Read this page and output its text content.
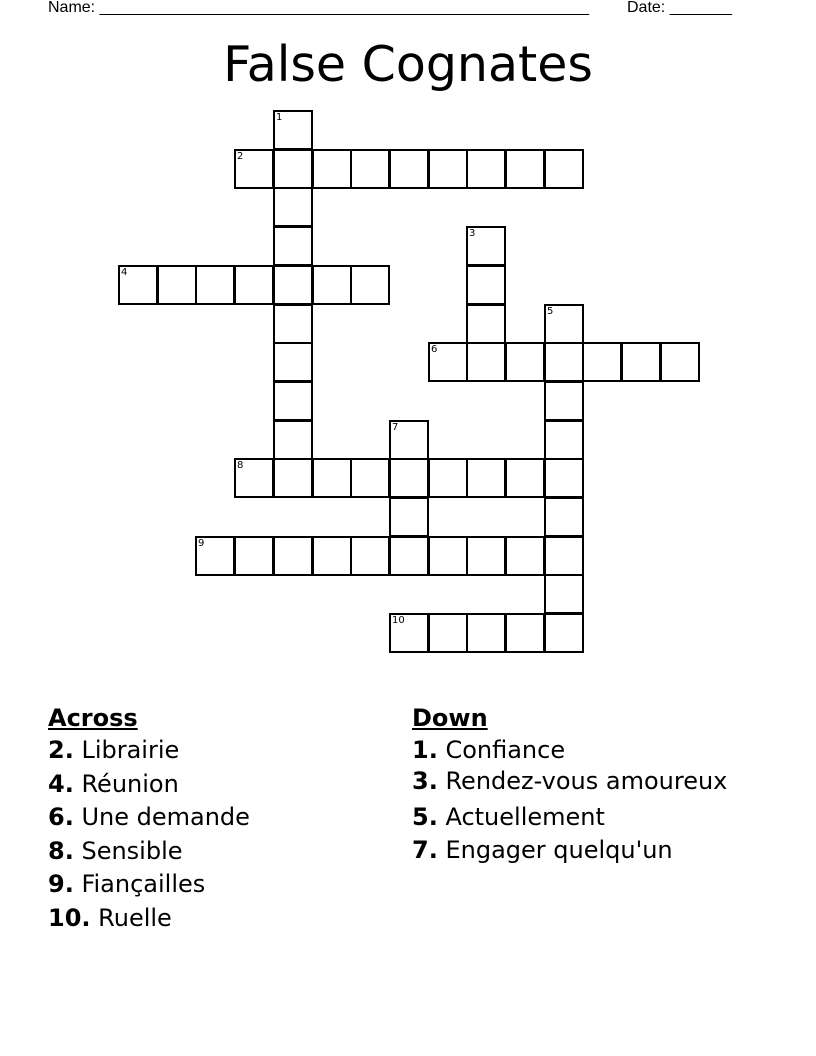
Name: _______________________________________________________ Date: _______
False Cognates
1
2
3
4
5
6
7
8
9
10
Across
2. Librairie
4. Réunion
6. Une demande
8. Sensible
9. Fiançailles
10. Ruelle
Down
1. Confiance
3. Rendez-vous amoureux
5. Actuellement
7. Engager quelqu'un
